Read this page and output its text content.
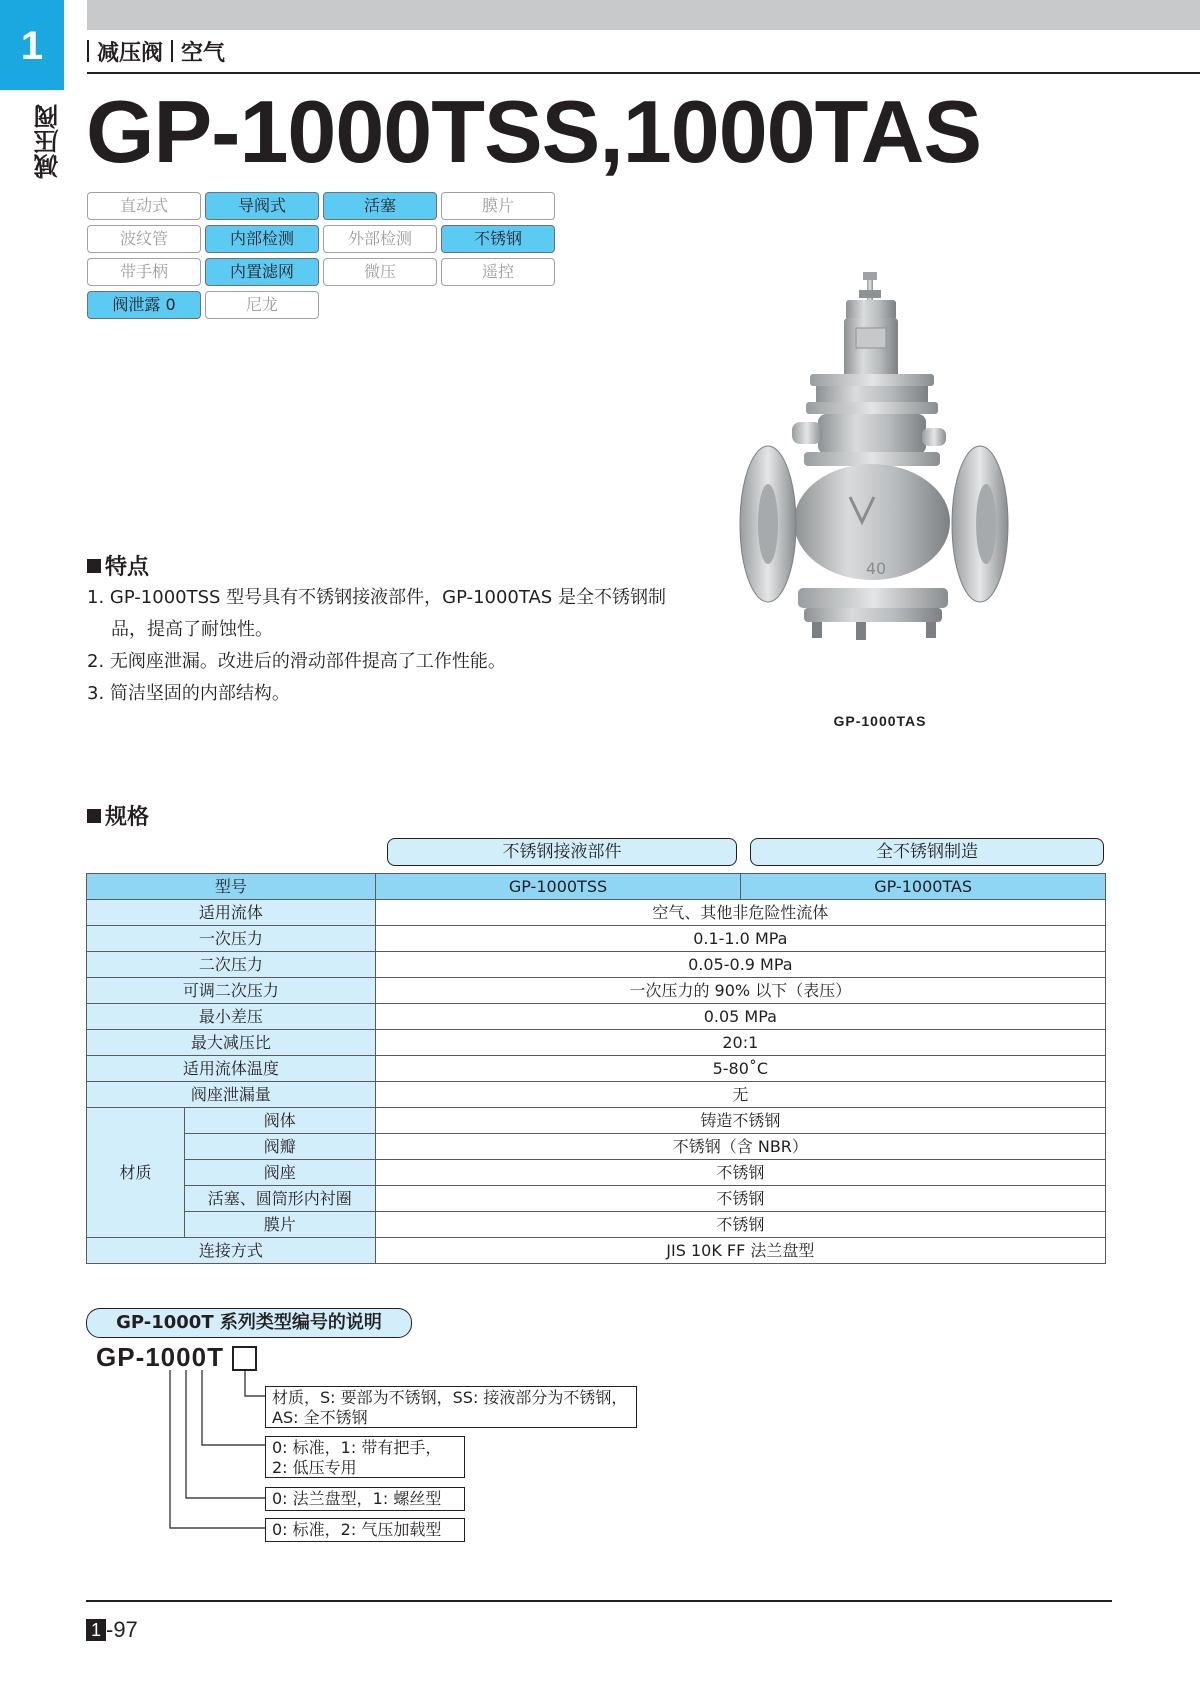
1
减压阀
减压阀 空气
GP-1000TSS,1000TAS
直动式	导阀式	活塞	膜片
波纹管	内部检测	外部检测	不锈钢
带手柄	内置滤网	微压	遥控
阀泄露 0	尼龙
40
GP-1000TAS
特点
1. GP-1000TSS 型号具有不锈钢接液部件，GP-1000TAS 是全不锈钢制品，提高了耐蚀性。
2. 无阀座泄漏。改进后的滑动部件提高了工作性能。
3. 简洁坚固的内部结构。
规格
不锈钢接液部件	全不锈钢制造
型号		GP-1000TSS	GP-1000TAS
适用流体		空气、其他非危险性流体	
一次压力		0.1-1.0 MPa	
二次压力		0.05-0.9 MPa	
可调二次压力		一次压力的 90% 以下（表压）	
最小差压		0.05 MPa	
最大减压比		20:1	
适用流体温度		5-80˚C	
阀座泄漏量		无	
材质	阀体	铸造不锈钢	
	阀瓣	不锈钢（含 NBR）	
	阀座	不锈钢	
	活塞、圆筒形内衬圈	不锈钢	
	膜片	不锈钢	
连接方式		JIS 10K FF 法兰盘型	
GP-1000T 系列类型编号的说明
GP-1000T
材质，S: 要部为不锈钢，SS: 接液部分为不锈钢，
AS: 全不锈钢
0: 标准，1: 带有把手，
2: 低压专用
0: 法兰盘型，1: 螺丝型
0: 标准，2: 气压加载型
1 -97
